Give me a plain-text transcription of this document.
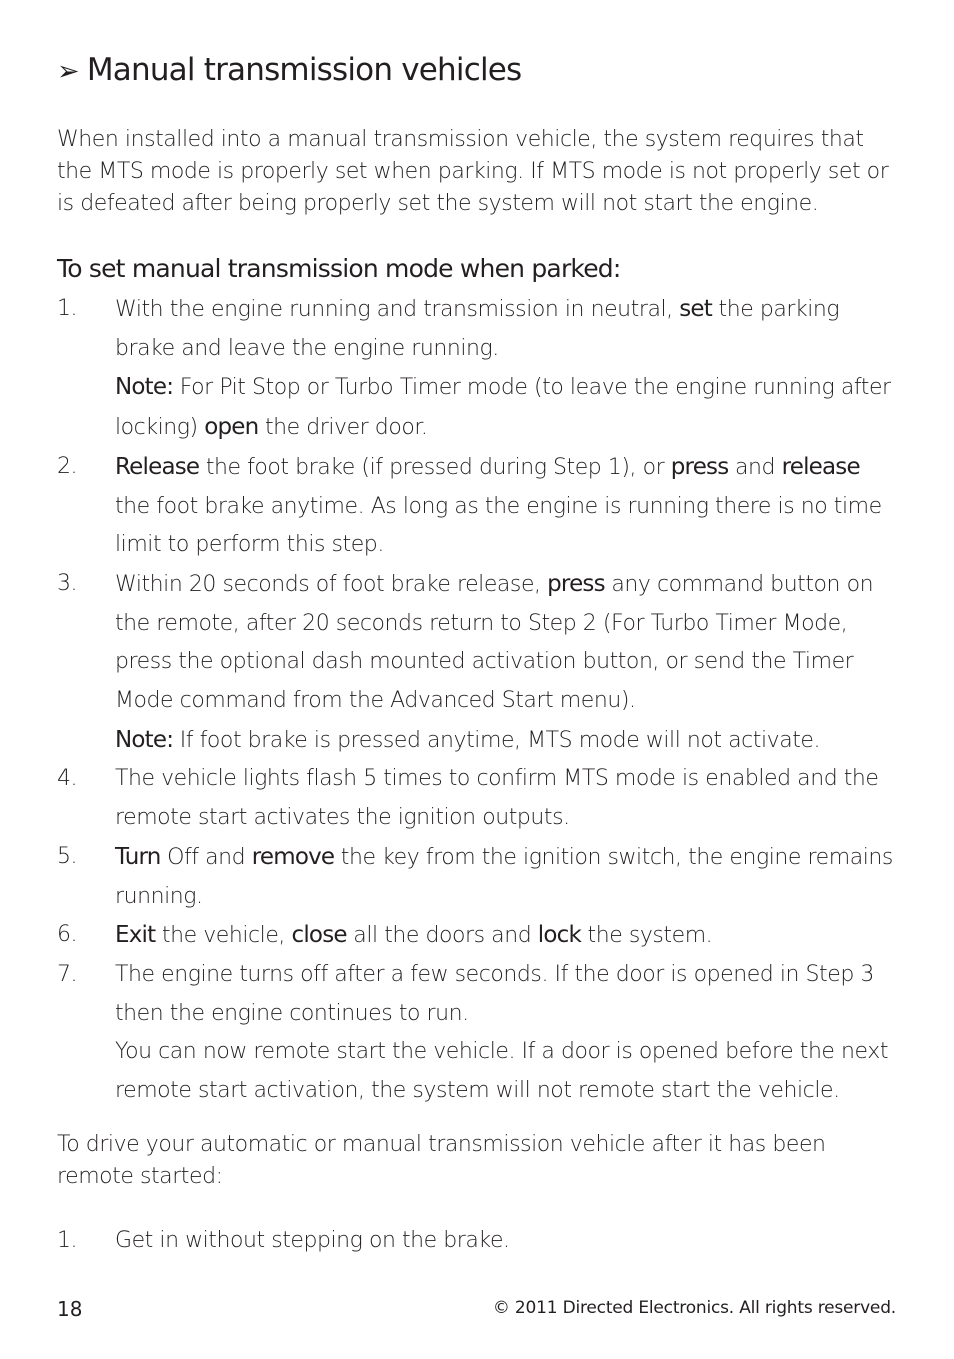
➢ Manual transmission vehicles
When installed into a manual transmission vehicle, the system requires that the MTS mode is properly set when parking. If MTS mode is not properly set or is defeated after being properly set the system will not start the engine.
To set manual transmission mode when parked:
1. With the engine running and transmission in neutral, set the parking brake and leave the engine running.
Note: For Pit Stop or Turbo Timer mode (to leave the engine running after locking) open the driver door.
2. Release the foot brake (if pressed during Step 1), or press and release the foot brake anytime. As long as the engine is running there is no time limit to perform this step.
3. Within 20 seconds of foot brake release, press any command button on the remote, after 20 seconds return to Step 2 (For Turbo Timer Mode, press the optional dash mounted activation button, or send the Timer Mode command from the Advanced Start menu).
Note: If foot brake is pressed anytime, MTS mode will not activate.
4. The vehicle lights flash 5 times to confirm MTS mode is enabled and the remote start activates the ignition outputs.
5. Turn Off and remove the key from the ignition switch, the engine remains running.
6. Exit the vehicle, close all the doors and lock the system.
7. The engine turns off after a few seconds. If the door is opened in Step 3 then the engine continues to run.
You can now remote start the vehicle. If a door is opened before the next remote start activation, the system will not remote start the vehicle.
To drive your automatic or manual transmission vehicle after it has been remote started:
1. Get in without stepping on the brake.
18	© 2011 Directed Electronics. All rights reserved.
